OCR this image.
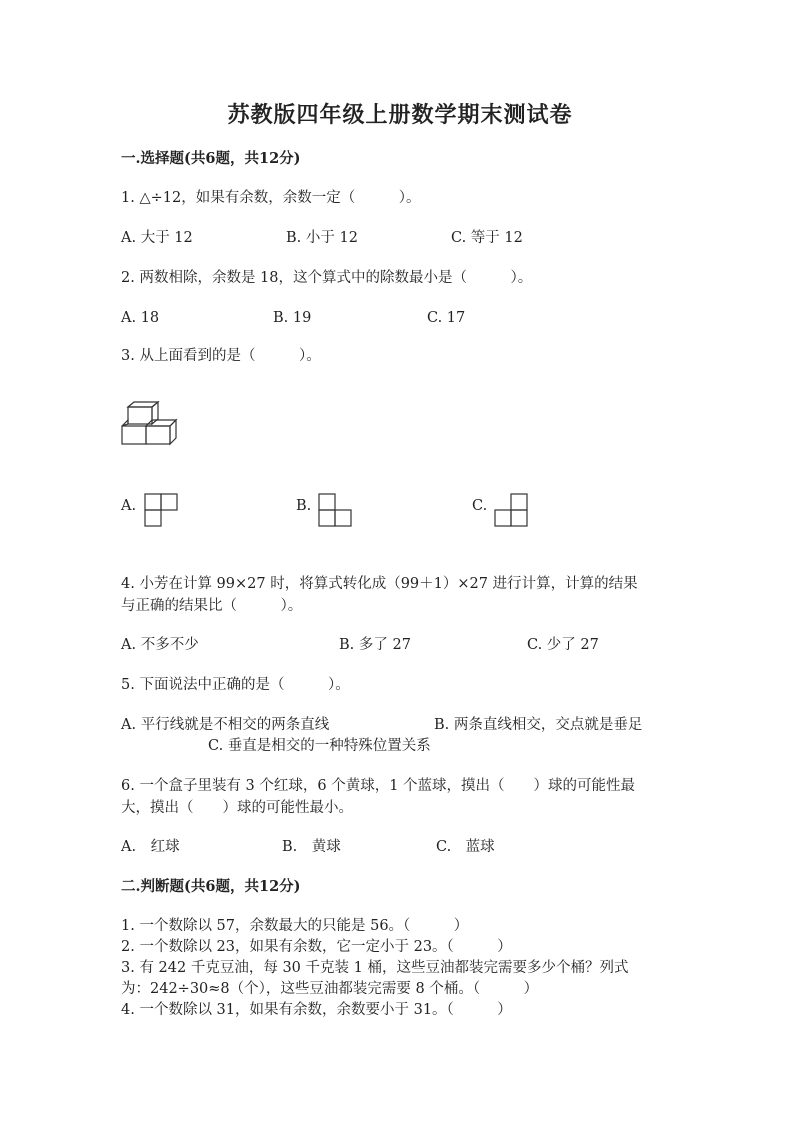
苏教版四年级上册数学期末测试卷
一.选择题(共6题，共12分)
1. △÷12，如果有余数，余数一定（　　　）。
A. 大于 12	B. 小于 12	C. 等于 12
2. 两数相除，余数是 18，这个算式中的除数最小是（　　　）。
A. 18	B. 19	C. 17
3. 从上面看到的是（　　　）。
A.	B.	C.
4. 小芳在计算 99×27 时，将算式转化成（99＋1）×27 进行计算，计算的结果
与正确的结果比（　　　）。
A. 不多不少	B. 多了 27	C. 少了 27
5. 下面说法中正确的是（　　　）。
A. 平行线就是不相交的两条直线	B. 两条直线相交，交点就是垂足
C. 垂直是相交的一种特殊位置关系
6. 一个盒子里装有 3 个红球，6 个黄球，1 个蓝球，摸出（　　）球的可能性最
大，摸出（　　）球的可能性最小。
A.　红球	B.　黄球	C.　蓝球
二.判断题(共6题，共12分)
1. 一个数除以 57，余数最大的只能是 56。（　　　）
2. 一个数除以 23，如果有余数，它一定小于 23。（　　　）
3. 有 242 千克豆油，每 30 千克装 1 桶，这些豆油都装完需要多少个桶？列式
为：242÷30≈8（个），这些豆油都装完需要 8 个桶。（　　　）
4. 一个数除以 31，如果有余数，余数要小于 31。（　　　）
